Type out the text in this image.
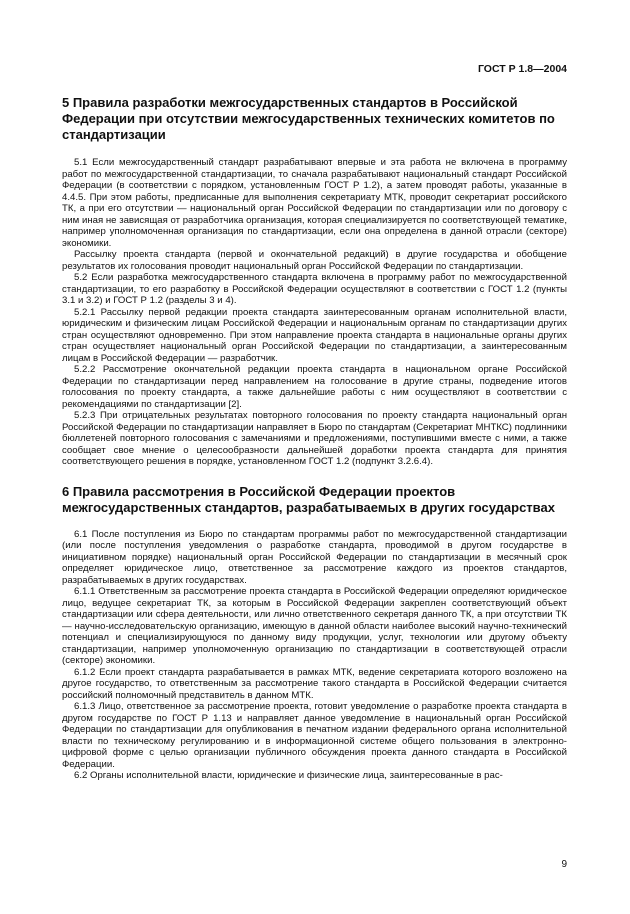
ГОСТ Р 1.8—2004
5 Правила разработки межгосударственных стандартов в Российской Федерации при отсутствии межгосударственных технических комитетов по стандартизации

5.1 Если межгосударственный стандарт разрабатывают впервые и эта работа не включена в программу работ по межгосударственной стандартизации, то сначала разрабатывают национальный стандарт Российской Федерации (в соответствии с порядком, установленным ГОСТ Р 1.2), а затем проводят работы, указанные в 4.4.5. При этом работы, предписанные для выполнения секретариату МТК, проводит секретариат российского ТК, а при его отсутствии — национальный орган Российской Федерации по стандартизации или по договору с ним иная не зависящая от разработчика организация, которая специализируется по соответствующей тематике, например уполномоченная организация по стандартизации, если она определена в данной отрасли (секторе) экономики.

Рассылку проекта стандарта (первой и окончательной редакций) в другие государства и обобщение результатов их голосования проводит национальный орган Российской Федерации по стандартизации.

5.2 Если разработка межгосударственного стандарта включена в программу работ по межгосударственной стандартизации, то его разработку в Российской Федерации осуществляют в соответствии с ГОСТ 1.2 (пункты 3.1 и 3.2) и ГОСТ Р 1.2 (разделы 3 и 4).

5.2.1 Рассылку первой редакции проекта стандарта заинтересованным органам исполнительной власти, юридическим и физическим лицам Российской Федерации и национальным органам по стандартизации других стран осуществляют одновременно. При этом направление проекта стандарта в национальные органы других стран осуществляет национальный орган Российской Федерации по стандартизации, а заинтересованным лицам в Российской Федерации — разработчик.

5.2.2 Рассмотрение окончательной редакции проекта стандарта в национальном органе Российской Федерации по стандартизации перед направлением на голосование в другие страны, подведение итогов голосования по проекту стандарта, а также дальнейшие работы с ним осуществляют в соответствии с рекомендациями по стандартизации [2].

5.2.3 При отрицательных результатах повторного голосования по проекту стандарта национальный орган Российской Федерации по стандартизации направляет в Бюро по стандартам (Секретариат МНТКС) подлинники бюллетеней повторного голосования с замечаниями и предложениями, поступившими вместе с ними, а также сообщает свое мнение о целесообразности дальнейшей доработки проекта стандарта для принятия соответствующего решения в порядке, установленном ГОСТ 1.2 (подпункт 3.2.6.4).

6 Правила рассмотрения в Российской Федерации проектов межгосударственных стандартов, разрабатываемых в других государствах

6.1 После поступления из Бюро по стандартам программы работ по межгосударственной стандартизации (или после поступления уведомления о разработке стандарта, проводимой в другом государстве в инициативном порядке) национальный орган Российской Федерации по стандартизации в месячный срок определяет юридическое лицо, ответственное за рассмотрение каждого из проектов стандартов, разрабатываемых в других государствах.

6.1.1 Ответственным за рассмотрение проекта стандарта в Российской Федерации определяют юридическое лицо, ведущее секретариат ТК, за которым в Российской Федерации закреплен соответствующий объект стандартизации или сфера деятельности, или лично ответственного секретаря данного ТК, а при отсутствии ТК — научно-исследовательскую организацию, имеющую в данной области наиболее высокий научно-технический потенциал и специализирующуюся по данному виду продукции, услуг, технологии или другому объекту стандартизации, например уполномоченную организацию по стандартизации в соответствующей отрасли (секторе) экономики.

6.1.2 Если проект стандарта разрабатывается в рамках МТК, ведение секретариата которого возложено на другое государство, то ответственным за рассмотрение такого стандарта в Российской Федерации считается российский полномочный представитель в данном МТК.

6.1.3 Лицо, ответственное за рассмотрение проекта, готовит уведомление о разработке проекта стандарта в другом государстве по ГОСТ Р 1.13 и направляет данное уведомление в национальный орган Российской Федерации по стандартизации для опубликования в печатном издании федерального органа исполнительной власти по техническому регулированию и в информационной системе общего пользования в электронно-цифровой форме с целью организации публичного обсуждения проекта данного стандарта в Российской Федерации.

6.2 Органы исполнительной власти, юридические и физические лица, заинтересованные в рас-

9
